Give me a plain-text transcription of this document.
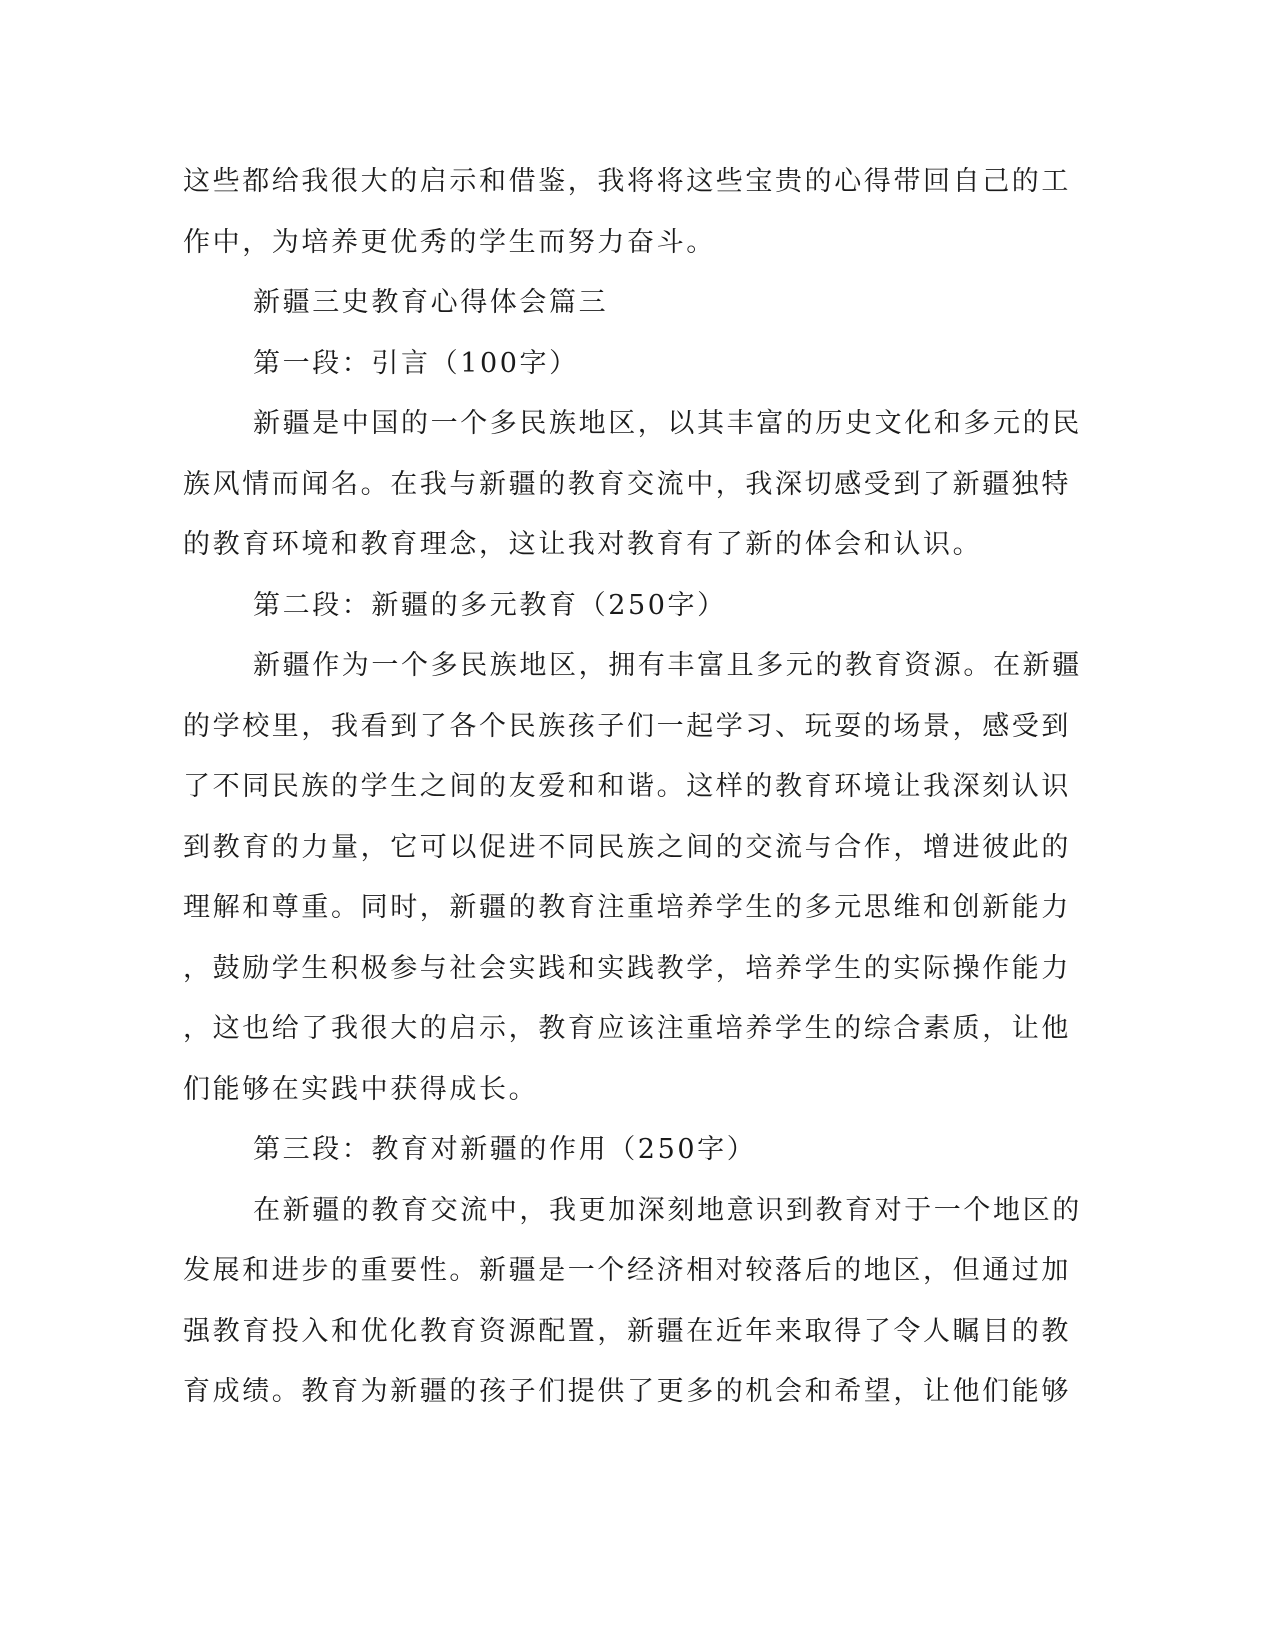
这些都给我很大的启示和借鉴，我将将这些宝贵的心得带回自己的工
作中，为培养更优秀的学生而努力奋斗。
新疆三史教育心得体会篇三
第一段：引言（100字）
新疆是中国的一个多民族地区，以其丰富的历史文化和多元的民
族风情而闻名。在我与新疆的教育交流中，我深切感受到了新疆独特
的教育环境和教育理念，这让我对教育有了新的体会和认识。
第二段：新疆的多元教育（250字）
新疆作为一个多民族地区，拥有丰富且多元的教育资源。在新疆
的学校里，我看到了各个民族孩子们一起学习、玩耍的场景，感受到
了不同民族的学生之间的友爱和和谐。这样的教育环境让我深刻认识
到教育的力量，它可以促进不同民族之间的交流与合作，增进彼此的
理解和尊重。同时，新疆的教育注重培养学生的多元思维和创新能力
，鼓励学生积极参与社会实践和实践教学，培养学生的实际操作能力
，这也给了我很大的启示，教育应该注重培养学生的综合素质，让他
们能够在实践中获得成长。
第三段：教育对新疆的作用（250字）
在新疆的教育交流中，我更加深刻地意识到教育对于一个地区的
发展和进步的重要性。新疆是一个经济相对较落后的地区，但通过加
强教育投入和优化教育资源配置，新疆在近年来取得了令人瞩目的教
育成绩。教育为新疆的孩子们提供了更多的机会和希望，让他们能够
